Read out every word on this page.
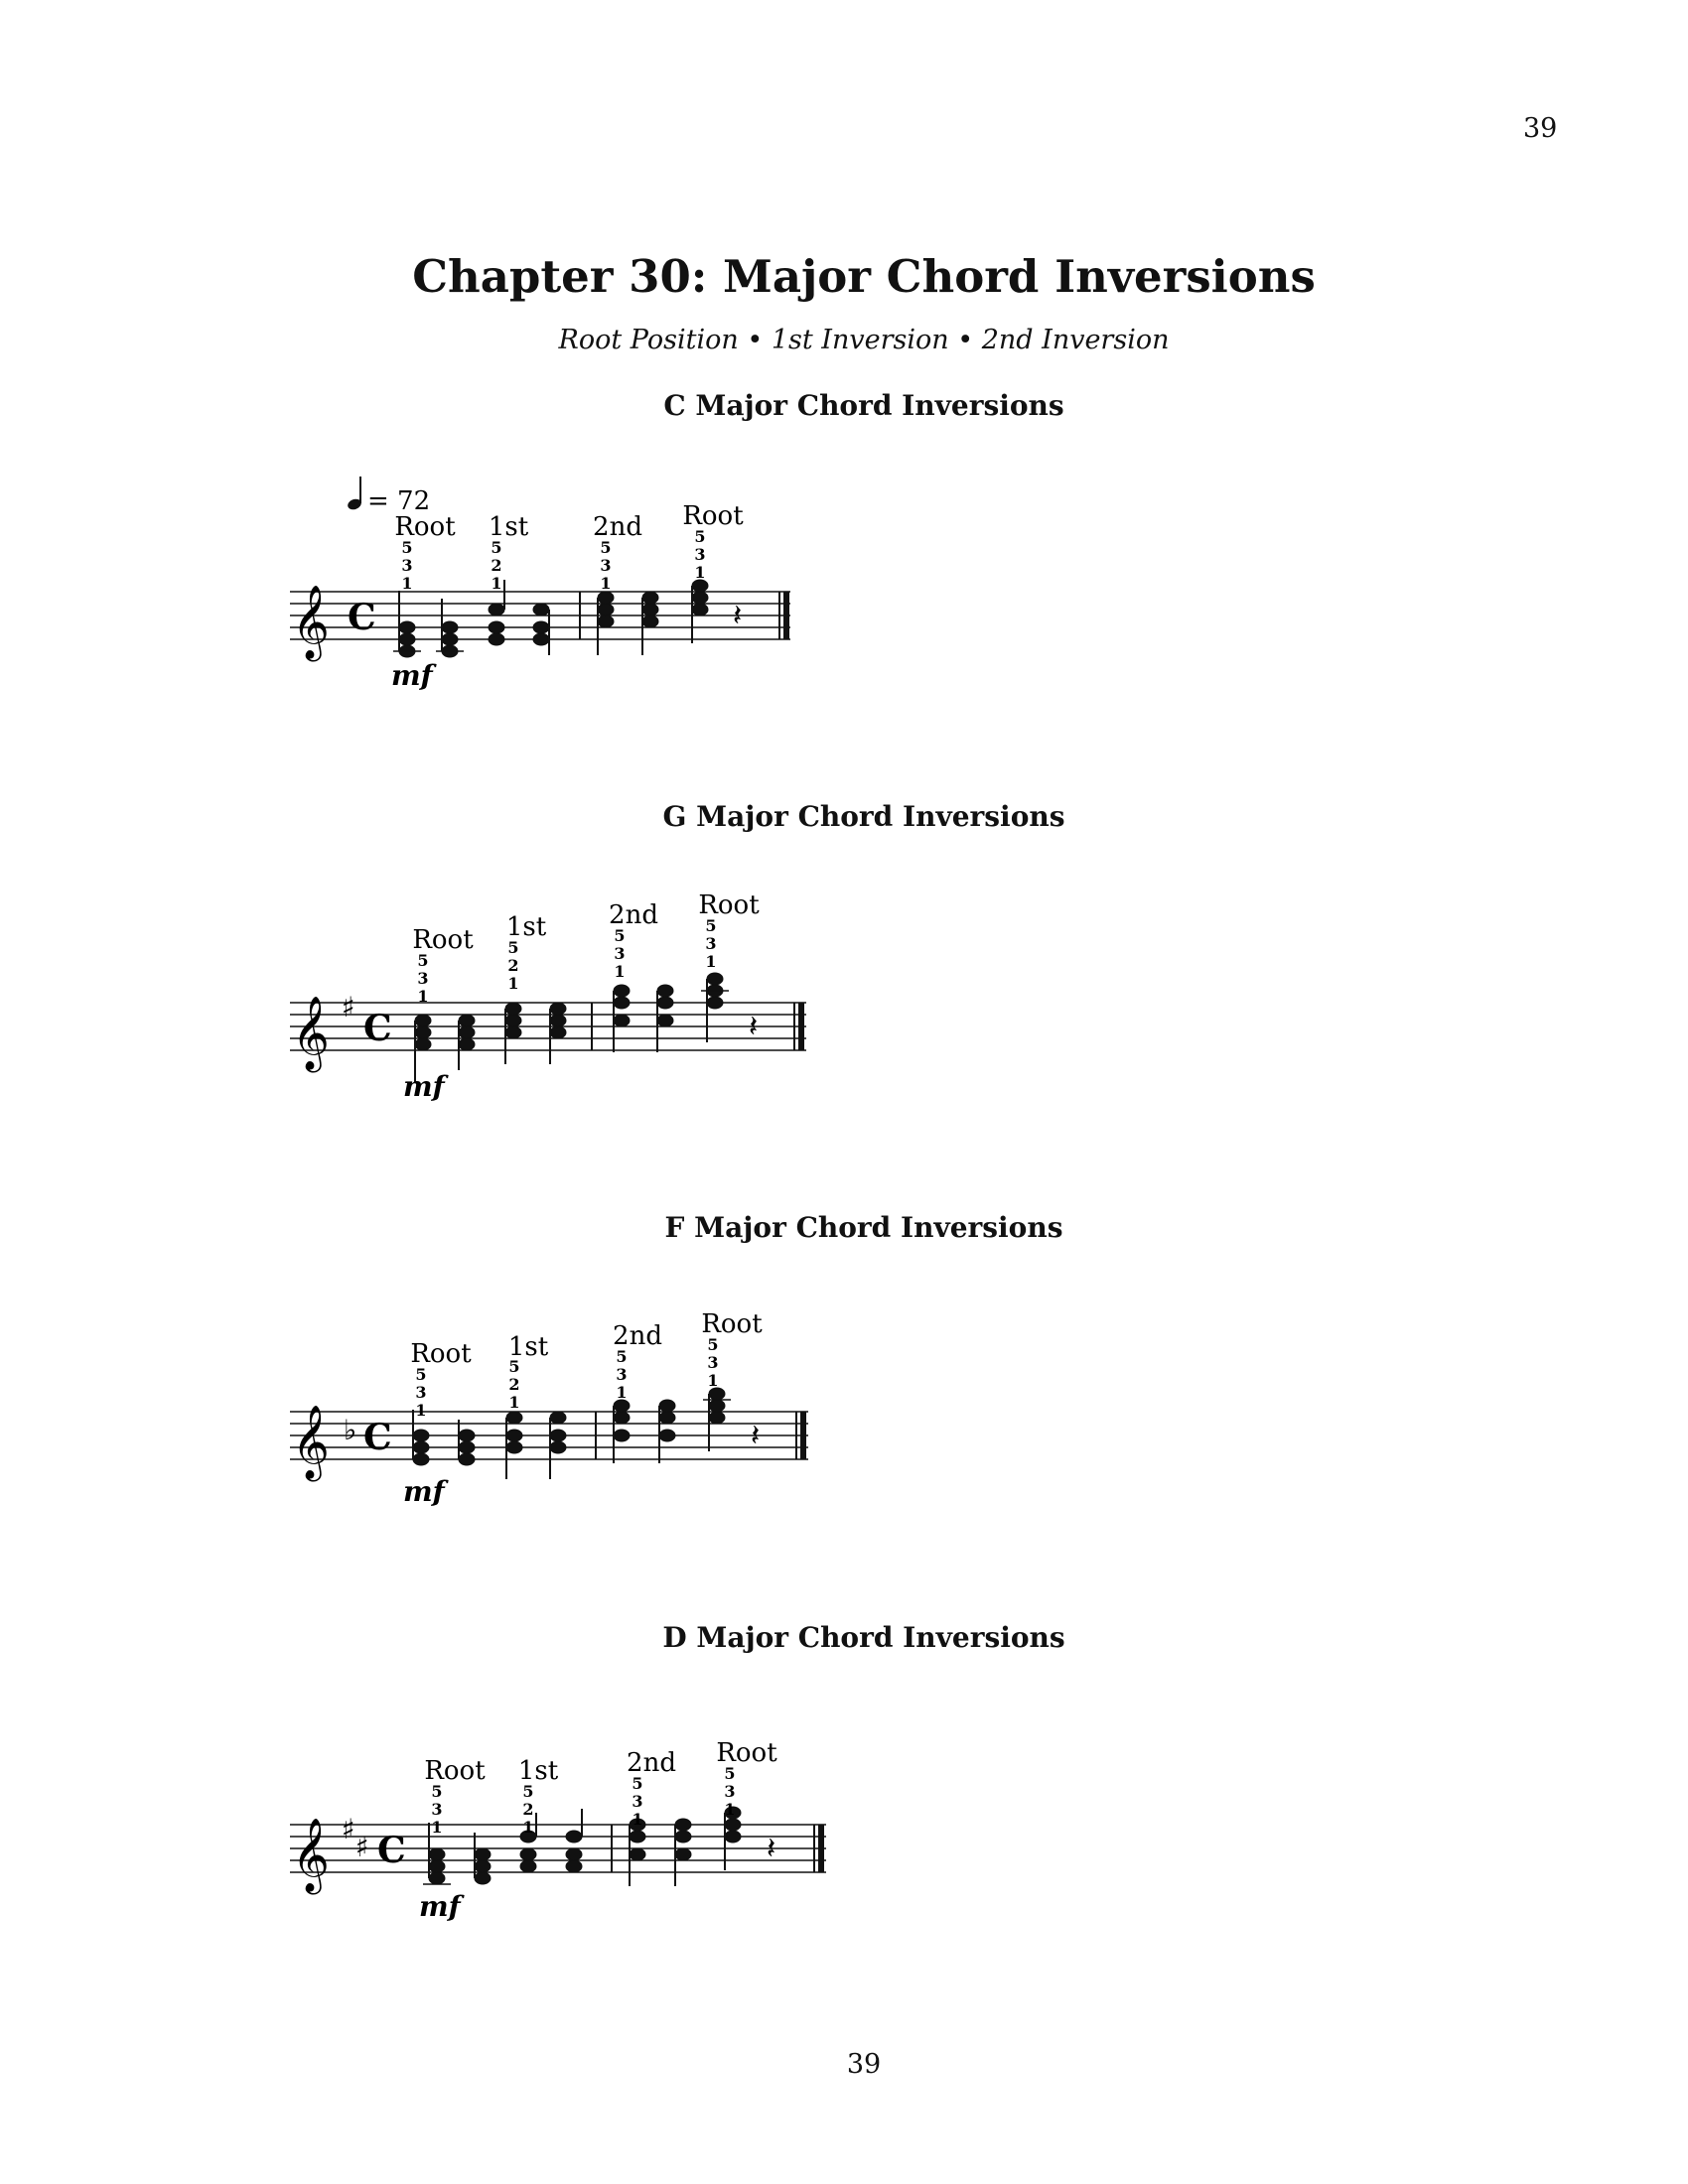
39
Chapter 30: Major Chord Inversions
Root Position • 1st Inversion • 2nd Inversion
C Major Chord Inversions
𝄞 C
= 72
𝄽
Root 1st 2nd Root
5
3
1
5
2
1
5
3
1
5
3
1
mf
G Major Chord Inversions
𝄞 ♯
C	𝄽
Root 1st 2nd Root
5
3
1
5
2
1
5
3
1
5
3
1
mf
F Major Chord Inversions
𝄞 ♭ C	𝄽
Root 1st 2nd Root
5
3
1
5
2
1
5
3
1
5
3
1
mf
D Major Chord Inversions
𝄞 ♯
♯ C	𝄽
Root 1st	2nd Root
5
3
1
5
2
1
5
3
1
5
3
1
mf
39
